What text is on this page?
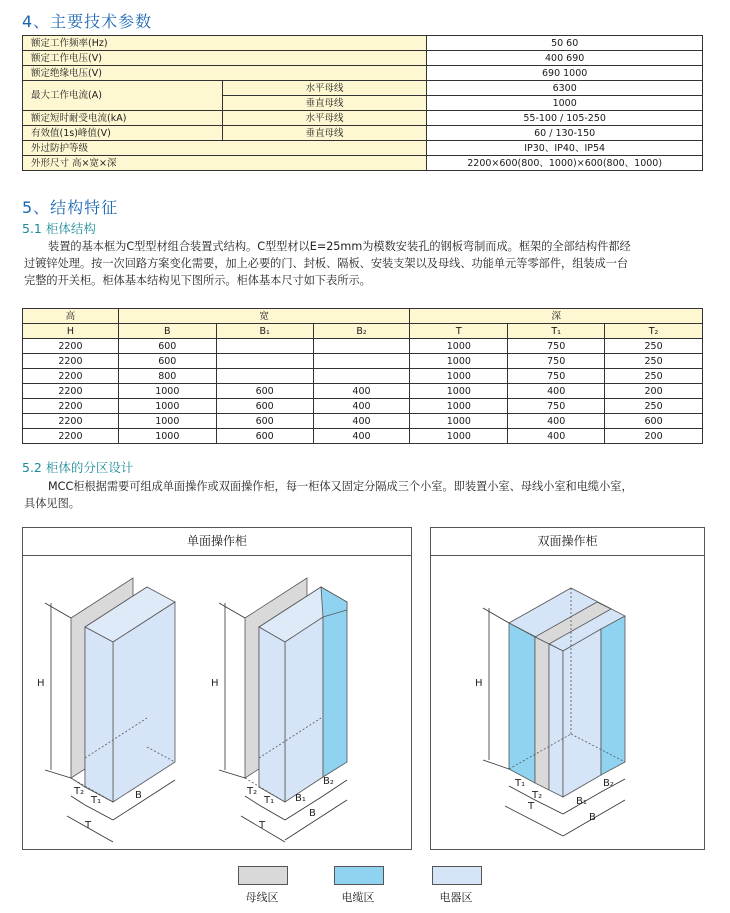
4、主要技术参数
额定工作频率(Hz)		50 60
额定工作电压(V)		400 690
额定绝缘电压(V)		690 1000
最大工作电流(A)	水平母线	6300
	垂直母线	1000
额定短时耐受电流(kA)	水平母线	55-100 / 105-250
有效值(1s)峰值(V)	垂直母线	60 / 130-150
外过防护等级		IP30、IP40、IP54
外形尺寸 高×宽×深		2200×600(800、1000)×600(800、1000)
5、结构特征
5.1 柜体结构
装置的基本框为C型型材组合装置式结构。C型型材以E=25mm为模数安装孔的钢板弯制而成。框架的全部结构件都经
过镀锌处理。按一次回路方案变化需要，加上必要的门、封板、隔板、安装支架以及母线、功能单元等零部件，组装成一台
完整的开关柜。柜体基本结构见下图所示。柜体基本尺寸如下表所示。
高	宽			深		
H	B	B₁	B₂	T	T₁	T₂
2200	600			1000	750	250
2200	600			1000	750	250
2200	800			1000	750	250
2200	1000	600	400	1000	400	200
2200	1000	600	400	1000	750	250
2200	1000	600	400	1000	400	600
2200	1000	600	400	1000	400	200
5.2 柜体的分区设计
MCC柜根据需要可组成单面操作或双面操作柜，每一柜体又固定分隔成三个小室。即装置小室、母线小室和电缆小室，
具体见图。
单面操作柜
H
T₂
T₁	B
T
H
T₂
T₁ B₁
B₂
B
T
双面操作柜
H
T₁
T₂
B₁
B₂
T
B
母线区	电缆区	电器区
